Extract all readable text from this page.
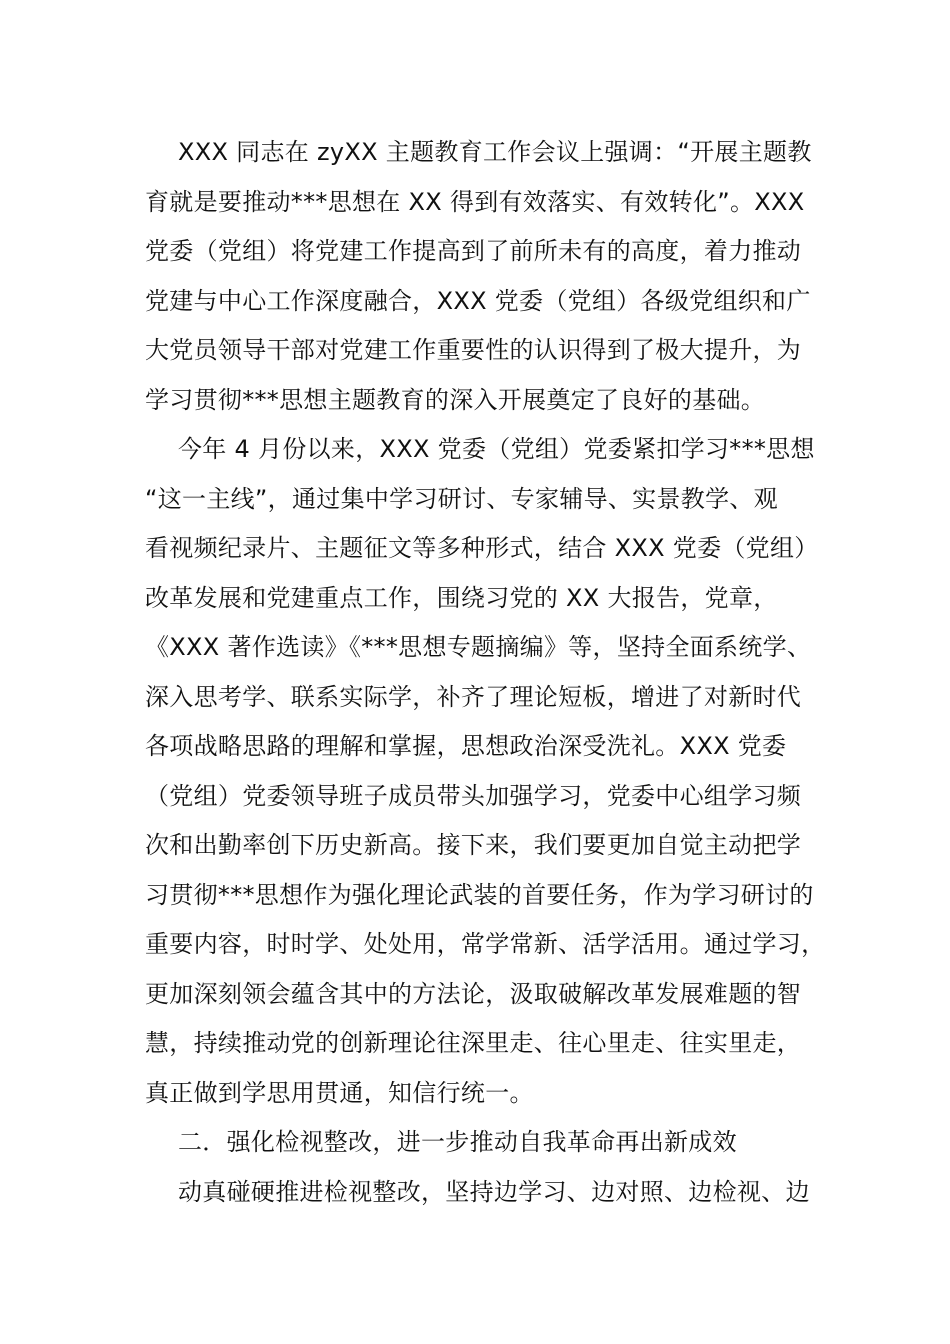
XXX 同志在 zyXX 主题教育工作会议上强调：“开展主题教
育就是要推动***思想在 XX 得到有效落实、有效转化”。XXX
党委（党组）将党建工作提高到了前所未有的高度，着力推动
党建与中心工作深度融合，XXX 党委（党组）各级党组织和广
大党员领导干部对党建工作重要性的认识得到了极大提升，为
学习贯彻***思想主题教育的深入开展奠定了良好的基础。
今年 4 月份以来，XXX 党委（党组）党委紧扣学习***思想
“这一主线”，通过集中学习研讨、专家辅导、实景教学、观
看视频纪录片、主题征文等多种形式，结合 XXX 党委（党组）
改革发展和党建重点工作，围绕习党的 XX 大报告，党章，
《XXX 著作选读》《***思想专题摘编》等，坚持全面系统学、
深入思考学、联系实际学，补齐了理论短板，增进了对新时代
各项战略思路的理解和掌握，思想政治深受洗礼。XXX 党委
（党组）党委领导班子成员带头加强学习，党委中心组学习频
次和出勤率创下历史新高。接下来，我们要更加自觉主动把学
习贯彻***思想作为强化理论武装的首要任务，作为学习研讨的
重要内容，时时学、处处用，常学常新、活学活用。通过学习，
更加深刻领会蕴含其中的方法论，汲取破解改革发展难题的智
慧，持续推动党的创新理论往深里走、往心里走、往实里走，
真正做到学思用贯通，知信行统一。
二．强化检视整改，进一步推动自我革命再出新成效
动真碰硬推进检视整改，坚持边学习、边对照、边检视、边
